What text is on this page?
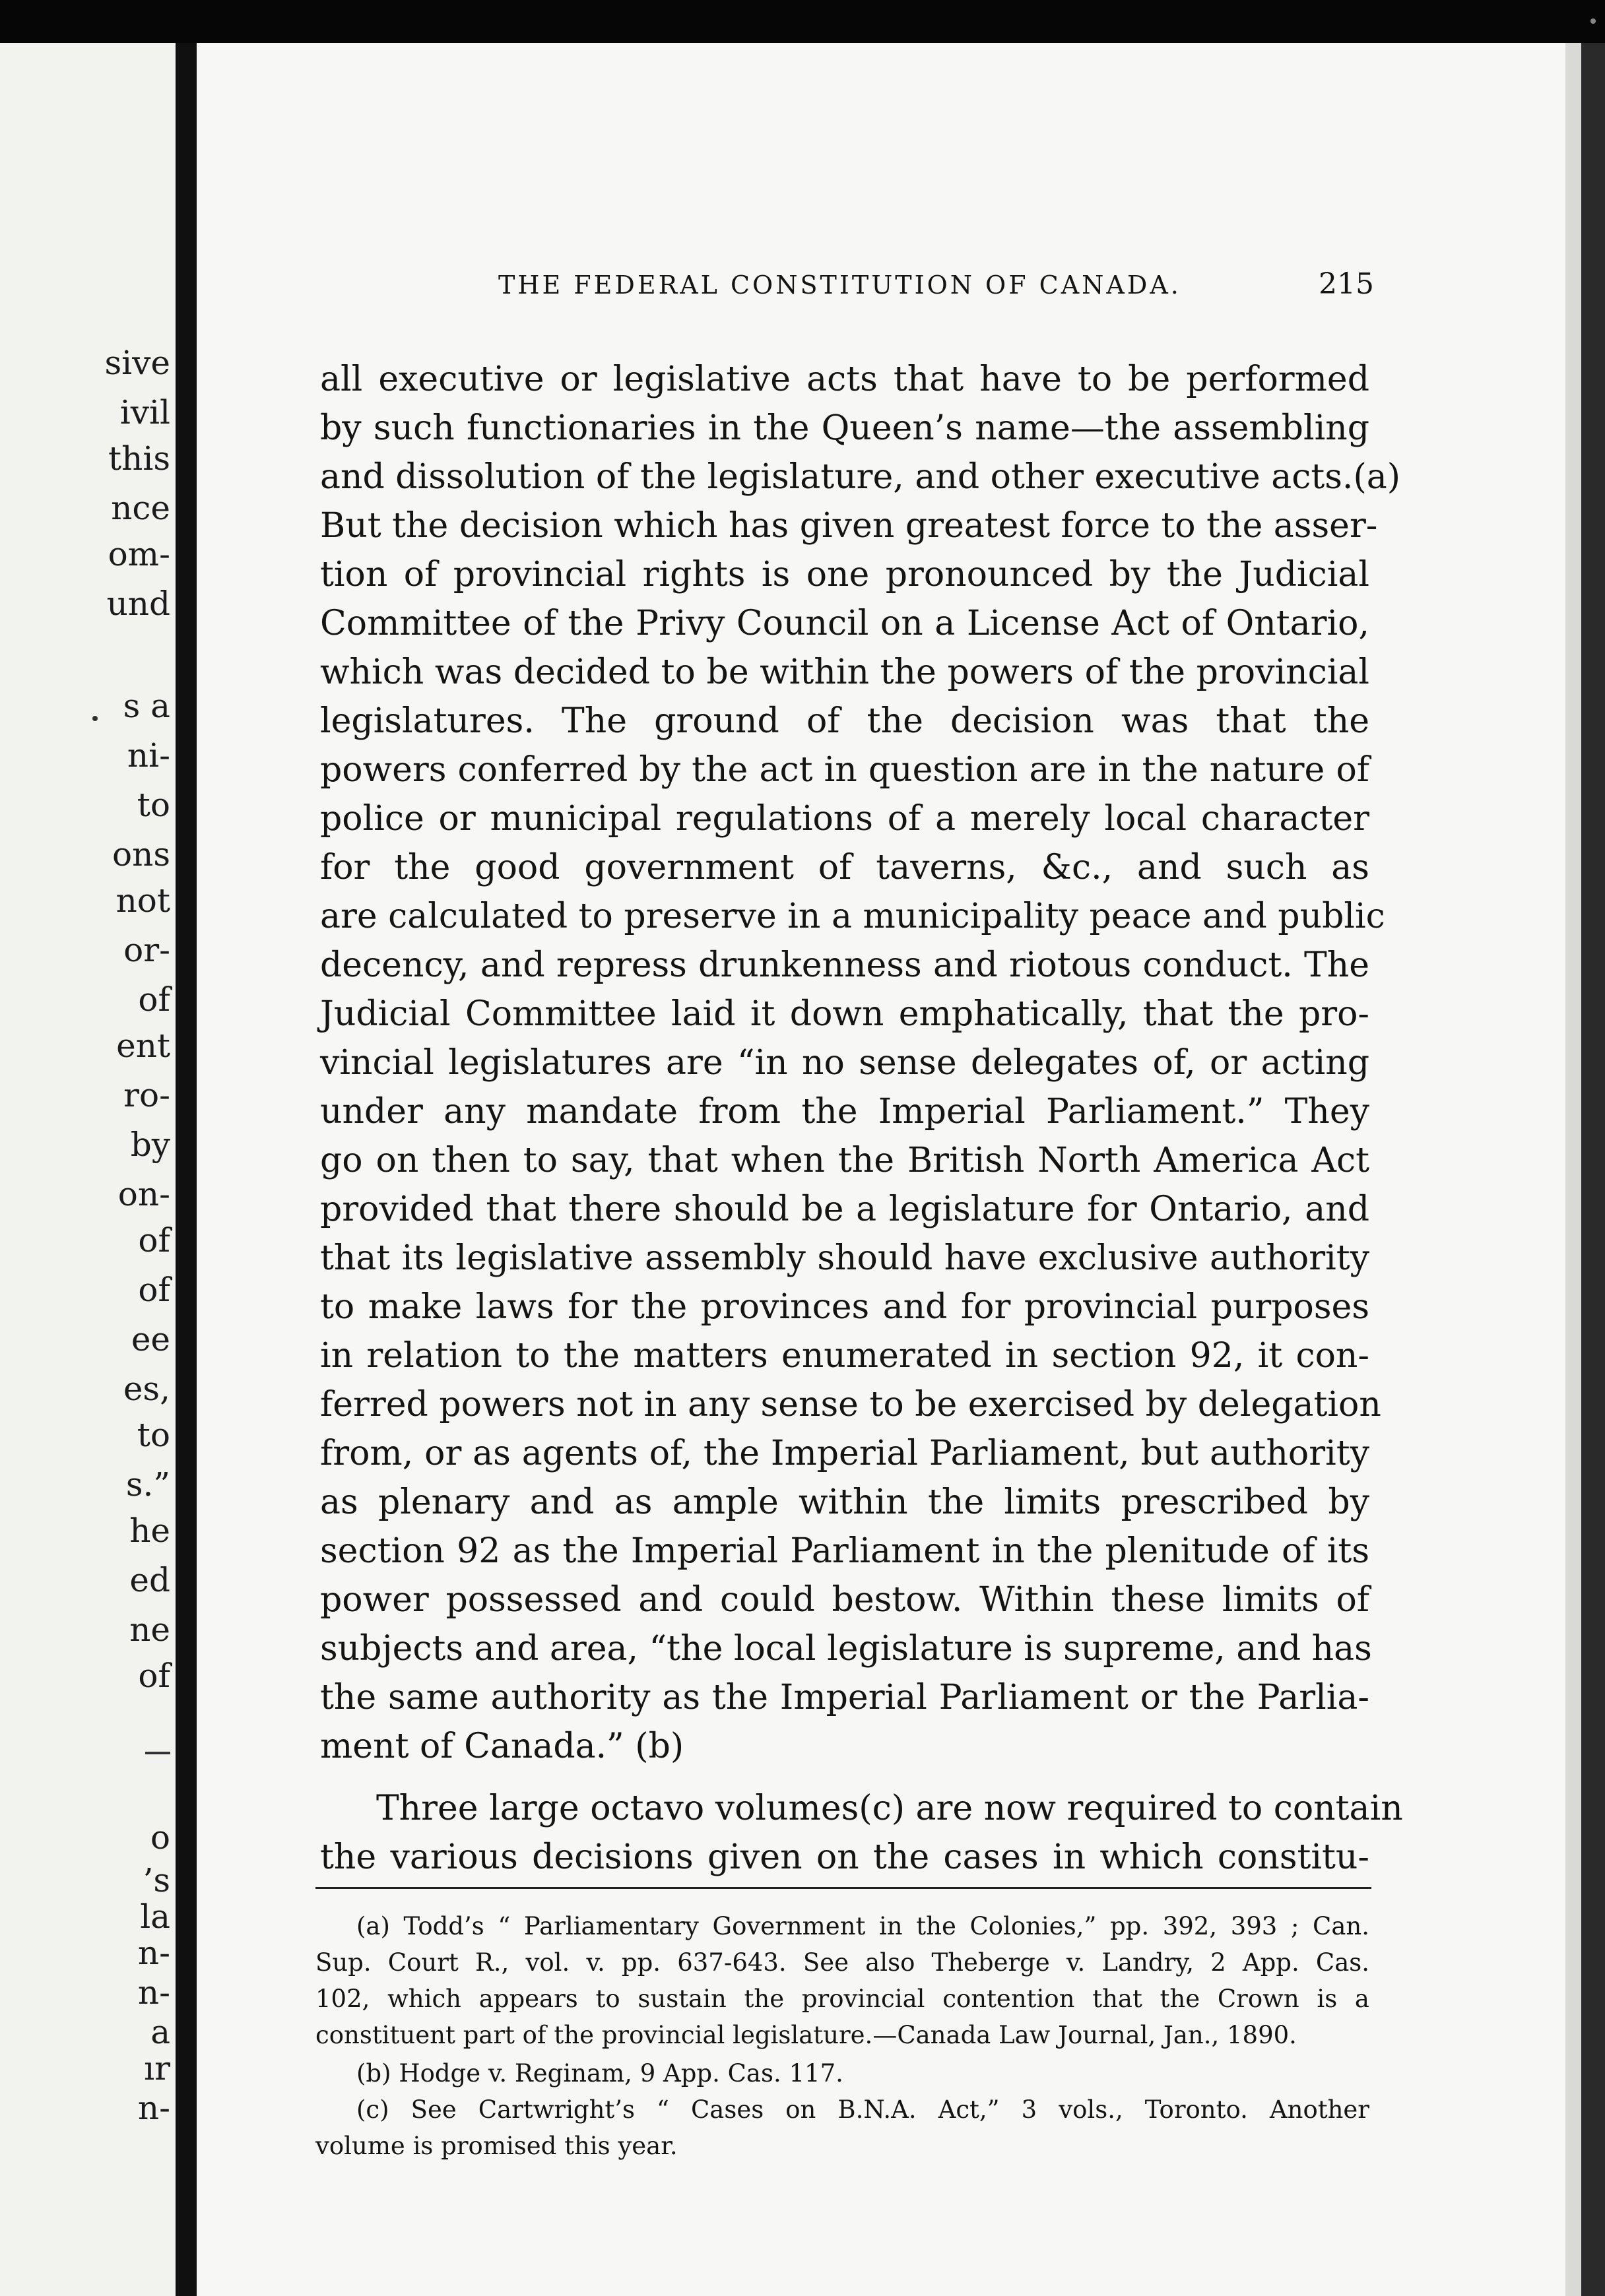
THE FEDERAL CONSTITUTION OF CANADA.	215
sive
ivil
this
nce
om-
und
s a
ni-
to
ons
not
or-
of
ent
ro-
by
on-
of
of
ee
es,
to
s.”
he
ed
ne
of
o
’s
la
n-
n-
a
ır
n-
all executive or legislative acts that have to be performed
by such functionaries in the Queen’s name—the assembling
and dissolution of the legislature, and other executive acts.(a)
But the decision which has given greatest force to the asser-
tion of provincial rights is one pronounced by the Judicial
Committee of the Privy Council on a License Act of Ontario,
which was decided to be within the powers of the provincial
legislatures. The ground of the decision was that the
powers conferred by the act in question are in the nature of
police or municipal regulations of a merely local character
for the good government of taverns, &c., and such as
are calculated to preserve in a municipality peace and public
decency, and repress drunkenness and riotous conduct. The
Judicial Committee laid it down emphatically, that the pro-
vincial legislatures are “in no sense delegates of, or acting
under any mandate from the Imperial Parliament.” They
go on then to say, that when the British North America Act
provided that there should be a legislature for Ontario, and
that its legislative assembly should have exclusive authority
to make laws for the provinces and for provincial purposes
in relation to the matters enumerated in section 92, it con-
ferred powers not in any sense to be exercised by delegation
from, or as agents of, the Imperial Parliament, but authority
as plenary and as ample within the limits prescribed by
section 92 as the Imperial Parliament in the plenitude of its
power possessed and could bestow. Within these limits of
subjects and area, “the local legislature is supreme, and has
the same authority as the Imperial Parliament or the Parlia-
ment of Canada.” (b)
Three large octavo volumes(c) are now required to contain
the various decisions given on the cases in which constitu-
(a) Todd’s “ Parliamentary Government in the Colonies,” pp. 392, 393 ; Can.
Sup. Court R., vol. v. pp. 637-643. See also Theberge v. Landry, 2 App. Cas.
102, which appears to sustain the provincial contention that the Crown is a
constituent part of the provincial legislature.—Canada Law Journal, Jan., 1890.
(b) Hodge v. Reginam, 9 App. Cas. 117.
(c) See Cartwright’s “ Cases on B.N.A. Act,” 3 vols., Toronto. Another
volume is promised this year.
